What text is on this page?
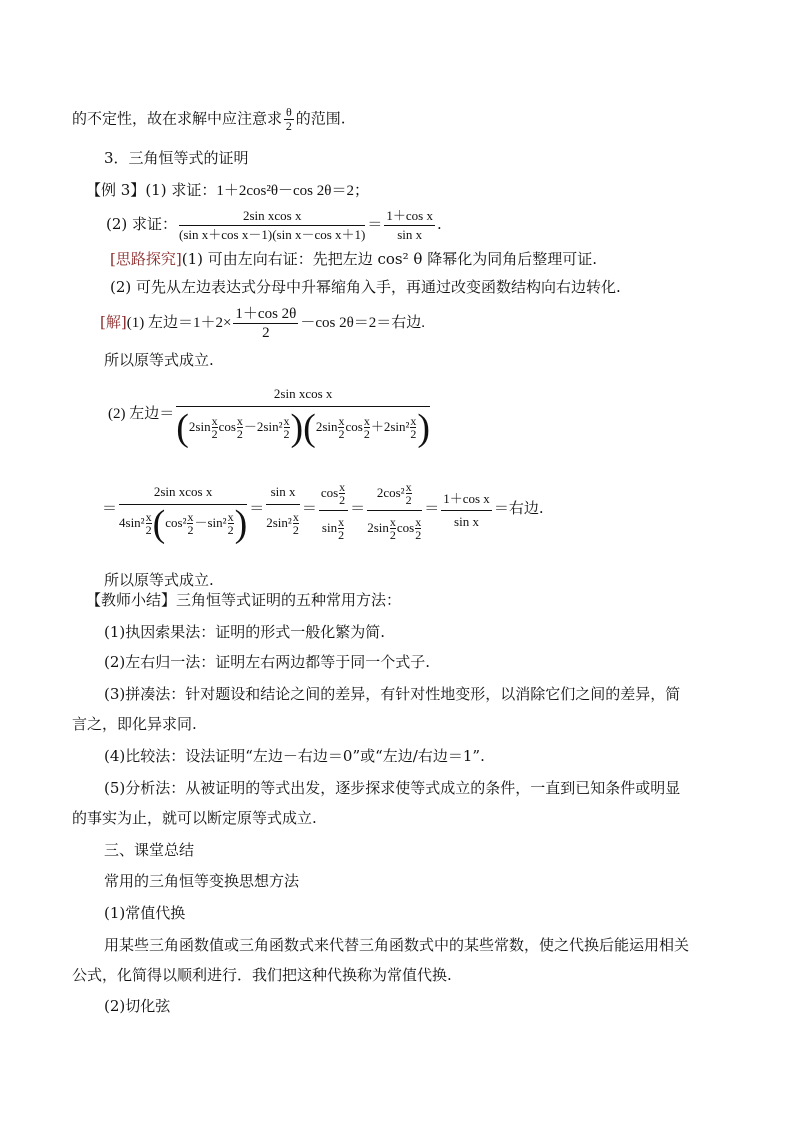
的不定性，故在求解中应注意求 $\frac{\theta}{2}$ 的范围.
3．三角恒等式的证明
【例 3】(1) 求证：1＋2cos²θ－cos 2θ＝2；
(2) 求证： $\frac{\text{2sin xcos x}}{\text{(sin x＋cos x－1)(sin x－cos x＋1)}} = \frac{\text{1＋cos x}}{\text{sin x}}$ .
[思路探究](1) 可由左向右证：先把左边 cos² θ 降幂化为同角后整理可证.
(2) 可先从左边表达式分母中升幂缩角入手，再通过改变函数结构向右边转化.
[解](1) 左边$=1+2\times \frac{1+\cos 2\theta}{2} -\cos$ 2θ＝2＝右边.
所以原等式成立.
(2) 左边＝ $\frac{\text{2sin xcos x}}{(2\sin \frac{x}{2} \cos \frac{x}{2} -2\sin^2 \frac{x}{2} )(2\sin \frac{x}{2} \cos \frac{x}{2} +2\sin^2 \frac{x}{2} )}$
＝ $\frac{\text{2sin xcos x}}{4\sin^2 \frac{x}{2} (\cos^2 \frac{x}{2} -\sin^2 \frac{x}{2} )} = \frac{\text{sin x}}{2\sin^2 \frac{x}{2}} = \frac{\cos \frac{x}{2}}{\sin \frac{x}{2}} = \frac{2\cos^2 \frac{x}{2}}{2\sin \frac{x}{2} \cos \frac{x}{2}} = \frac{\text{1＋cos x}}{\text{sin x}}$ ＝右边.
所以原等式成立.
【教师小结】三角恒等式证明的五种常用方法：
(1)执因索果法：证明的形式一般化繁为简.
(2)左右归一法：证明左右两边都等于同一个式子.
(3)拼凑法：针对题设和结论之间的差异，有针对性地变形，以消除它们之间的差异，简
言之，即化异求同.
(4)比较法：设法证明“左边－右边＝0”或“左边/右边＝1”.
(5)分析法：从被证明的等式出发，逐步探求使等式成立的条件，一直到已知条件或明显
的事实为止，就可以断定原等式成立.
三、课堂总结
常用的三角恒等变换思想方法
(1)常值代换
用某些三角函数值或三角函数式来代替三角函数式中的某些常数，使之代换后能运用相关
公式，化简得以顺利进行．我们把这种代换称为常值代换.
(2)切化弦
